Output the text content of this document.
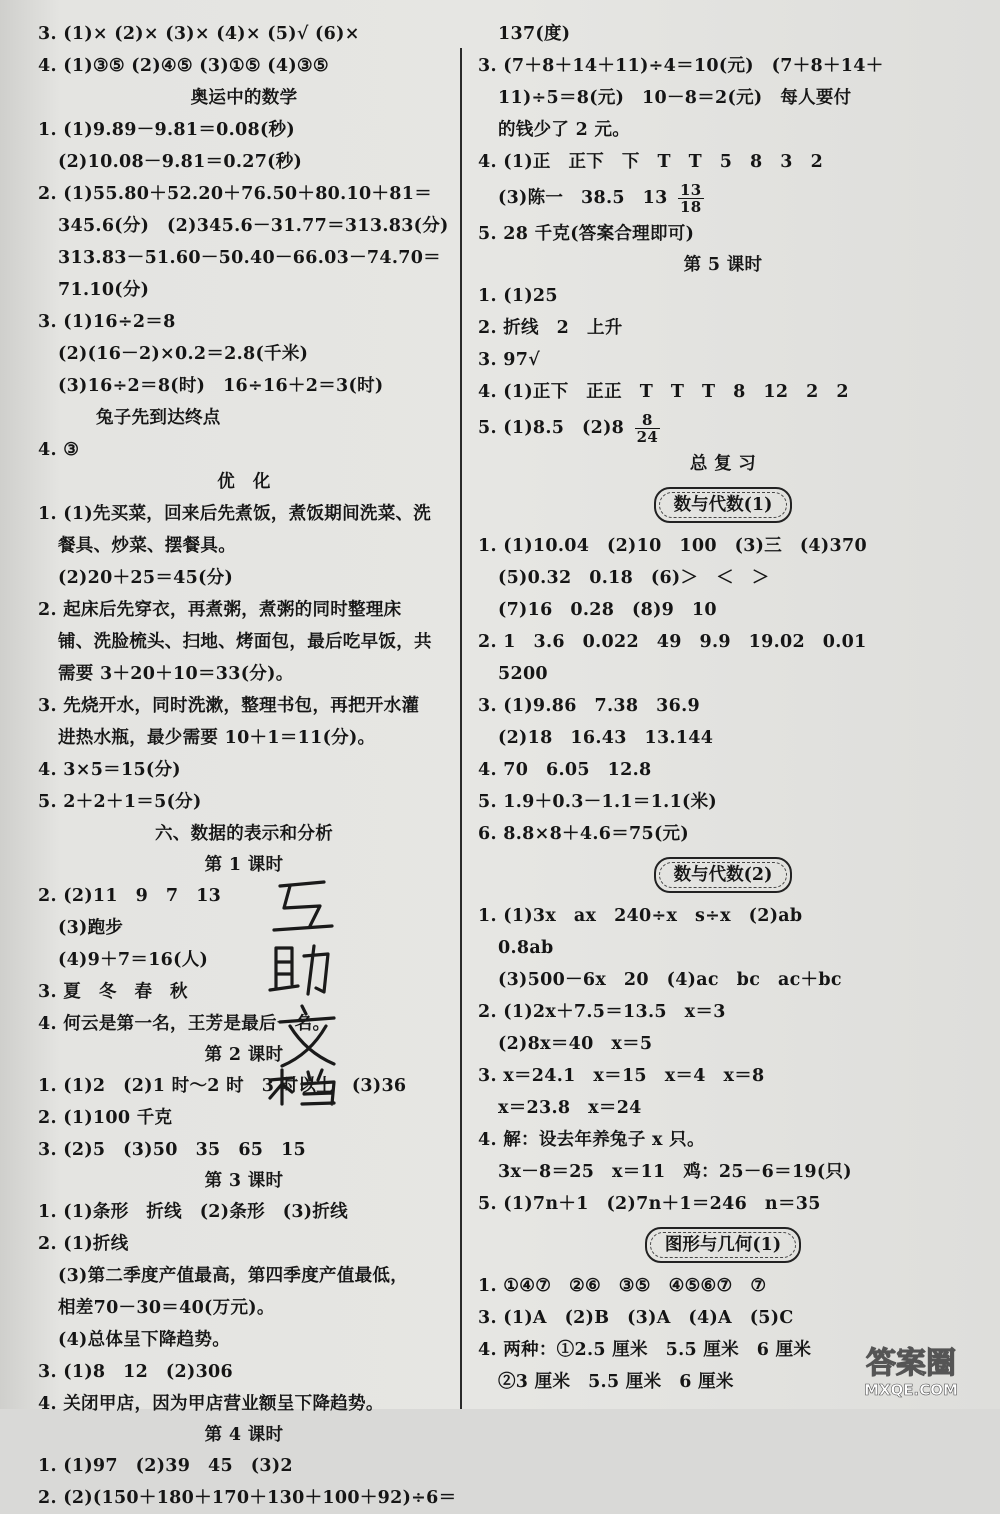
3. (1)× (2)× (3)× (4)× (5)√ (6)×
4. (1)③⑤ (2)④⑤ (3)①⑤ (4)③⑤
奥运中的数学
1. (1)9.89－9.81＝0.08(秒)
(2)10.08－9.81＝0.27(秒)
2. (1)55.80＋52.20＋76.50＋80.10＋81＝
345.6(分)　(2)345.6－31.77＝313.83(分)
313.83－51.60－50.40－66.03－74.70＝
71.10(分)
3. (1)16÷2＝8
(2)(16－2)×0.2＝2.8(千米)
(3)16÷2＝8(时)　16÷16＋2＝3(时)
兔子先到达终点
4. ③
优　化
1. (1)先买菜，回来后先煮饭，煮饭期间洗菜、洗
餐具、炒菜、摆餐具。
(2)20＋25＝45(分)
2. 起床后先穿衣，再煮粥，煮粥的同时整理床
铺、洗脸梳头、扫地、烤面包，最后吃早饭，共
需要 3＋20＋10＝33(分)。
3. 先烧开水，同时洗漱，整理书包，再把开水灌
进热水瓶，最少需要 10＋1＝11(分)。
4. 3×5＝15(分)
5. 2＋2＋1＝5(分)
六、数据的表示和分析
第 1 课时
2. (2)11　9　7　13
(3)跑步
(4)9＋7＝16(人)
3. 夏　冬　春　秋
4. 何云是第一名，王芳是最后一名。
第 2 课时
1. (1)2　(2)1 时～2 时　3 时以上　(3)36
2. (1)100 千克
3. (2)5　(3)50　35　65　15
第 3 课时
1. (1)条形　折线　(2)条形　(3)折线
2. (1)折线
(3)第二季度产值最高，第四季度产值最低，
相差70－30＝40(万元)。
(4)总体呈下降趋势。
3. (1)8　12　(2)306
4. 关闭甲店，因为甲店营业额呈下降趋势。
第 4 课时
1. (1)97　(2)39　45　(3)2
2. (2)(150＋180＋170＋130＋100＋92)÷6＝
137(度)
3. (7＋8＋14＋11)÷4＝10(元)　(7＋8＋14＋
11)÷5＝8(元)　10－8＝2(元)　每人要付
的钱少了 2 元。
4. (1)正　正下　下　T　T　5　8　3　2
(3)陈一　38.5　$13 \frac{13}{18}$
5. 28 千克(答案合理即可)
第 5 课时
1. (1)25
2. 折线　2　上升
3. 97√
4. (1)正下　正正　T　T　T　8　12　2　2
5. (1)8.5　$(2)8 \frac{8}{24}$
总 复 习
数与代数(1)
1. (1)10.04　(2)10　100　(3)三　(4)370
(5)0.32　0.18　(6)＞　＜　＞
(7)16　0.28　(8)9　10
2. 1　3.6　0.022　49　9.9　19.02　0.01
5200
3. (1)9.86　7.38　36.9
(2)18　16.43　13.144
4. 70　6.05　12.8
5. 1.9＋0.3－1.1＝1.1(米)
6. 8.8×8＋4.6＝75(元)
数与代数(2)
1. (1)3x　ax　240÷x　s÷x　(2)ab
0.8ab
(3)500－6x　20　(4)ac　bc　ac＋bc
2. (1)2x＋7.5＝13.5　x＝3
(2)8x＝40　x＝5
3. x＝24.1　x＝15　x＝4　x＝8
x＝23.8　x＝24
4. 解：设去年养兔子 x 只。
3x－8＝25　x＝11　鸡：25－6＝19(只)
5. (1)7n＋1　(2)7n＋1＝246　n＝35
图形与几何(1)
1. ①④⑦　②⑥　③⑤　④⑤⑥⑦　⑦
3. (1)A　(2)B　(3)A　(4)A　(5)C
4. 两种：①2.5 厘米　5.5 厘米　6 厘米
②3 厘米　5.5 厘米　6 厘米
答案圈
MXQE.COM
